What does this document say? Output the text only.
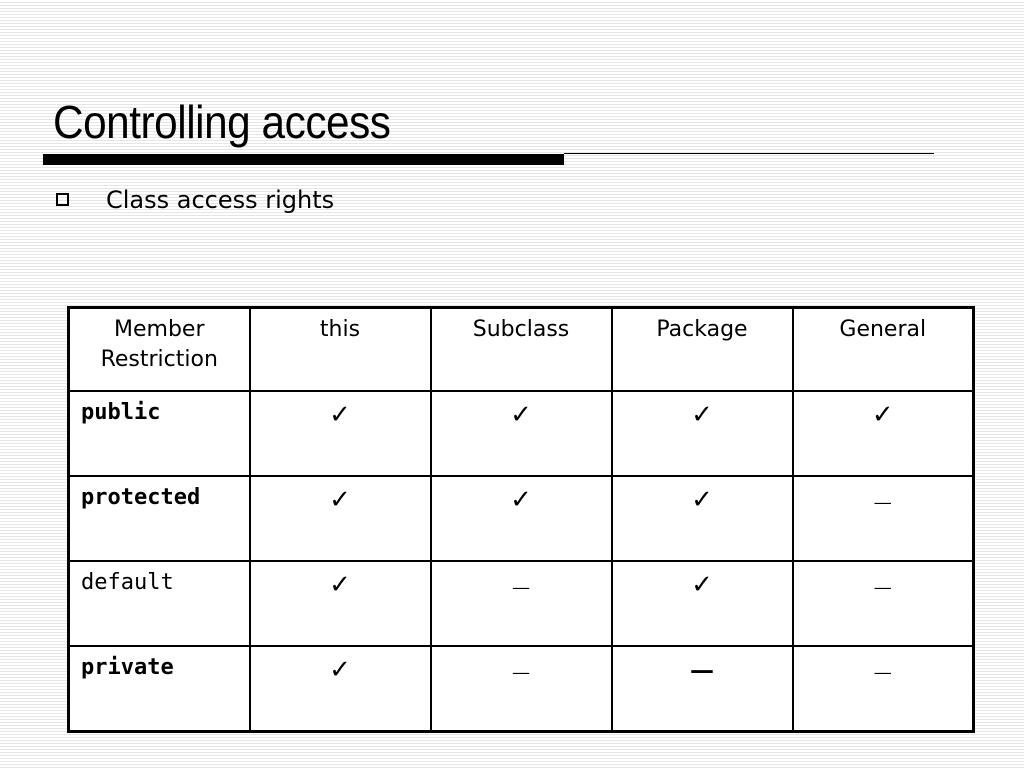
Controlling access
Class access rights
Member
Restriction	this	Subclass	Package	General
public	✓	✓	✓	✓
protected	✓	✓	✓	—
default	✓	—	✓	—
private	✓	—	—	—
